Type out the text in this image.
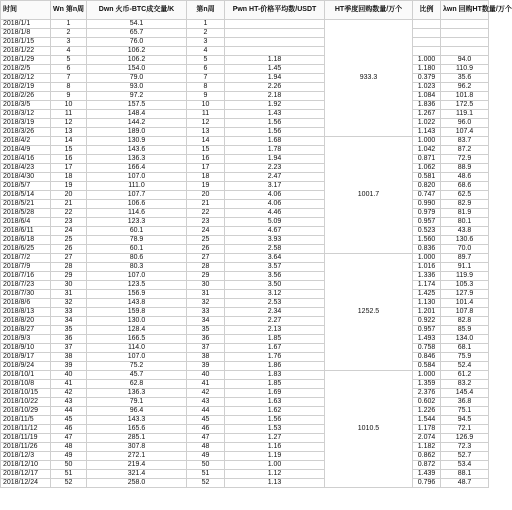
时间	Wn 第n周	Dwn 火币-BTC成交量/K	第n周	Pwn HT-价格平均数/USDT	HT季度回购数量/万个	比例	λwn 回购HT数量/万个
2018/1/1	1	54.1	1		933.3		
2018/1/8	2	65.7	2				
2018/1/15	3	76.0	3				
2018/1/22	4	106.2	4				
2018/1/29	5	106.2	5	1.18		1.000	94.0
2018/2/5	6	154.0	6	1.45		1.180	110.9
2018/2/12	7	79.0	7	1.94		0.379	35.6
2018/2/19	8	93.0	8	2.26		1.023	96.2
2018/2/26	9	97.2	9	2.18		1.084	101.8
2018/3/5	10	157.5	10	1.92		1.836	172.5
2018/3/12	11	148.4	11	1.43		1.267	119.1
2018/3/19	12	144.2	12	1.56		1.022	96.0
2018/3/26	13	189.0	13	1.56		1.143	107.4
2018/4/2	14	130.9	14	1.68	1001.7	1.000	83.7
2018/4/9	15	143.6	15	1.78		1.042	87.2
2018/4/16	16	136.3	16	1.94		0.871	72.9
2018/4/23	17	166.4	17	2.23		1.062	88.9
2018/4/30	18	107.0	18	2.47		0.581	48.6
2018/5/7	19	111.0	19	3.17		0.820	68.6
2018/5/14	20	107.7	20	4.06		0.747	62.5
2018/5/21	21	106.6	21	4.06		0.990	82.9
2018/5/28	22	114.6	22	4.46		0.979	81.9
2018/6/4	23	123.3	23	5.09		0.957	80.1
2018/6/11	24	60.1	24	4.67		0.523	43.8
2018/6/18	25	78.9	25	3.93		1.560	130.6
2018/6/25	26	60.1	26	2.58		0.836	70.0
2018/7/2	27	80.6	27	3.64	1252.5	1.000	89.7
2018/7/9	28	80.3	28	3.57		1.016	91.1
2018/7/16	29	107.0	29	3.56		1.336	119.9
2018/7/23	30	123.5	30	3.50		1.174	105.3
2018/7/30	31	156.9	31	3.12		1.425	127.9
2018/8/6	32	143.8	32	2.53		1.130	101.4
2018/8/13	33	159.8	33	2.34		1.201	107.8
2018/8/20	34	130.0	34	2.27		0.922	82.8
2018/8/27	35	128.4	35	2.13		0.957	85.9
2018/9/3	36	166.5	36	1.85		1.493	134.0
2018/9/10	37	114.0	37	1.67		0.758	68.1
2018/9/17	38	107.0	38	1.76		0.846	75.9
2018/9/24	39	75.2	39	1.86		0.584	52.4
2018/10/1	40	45.7	40	1.83	1010.5	1.000	61.2
2018/10/8	41	62.8	41	1.85		1.359	83.2
2018/10/15	42	136.3	42	1.69		2.376	145.4
2018/10/22	43	79.1	43	1.63		0.602	36.8
2018/10/29	44	96.4	44	1.62		1.226	75.1
2018/11/5	45	143.3	45	1.56		1.544	94.5
2018/11/12	46	165.6	46	1.53		1.178	72.1
2018/11/19	47	285.1	47	1.27		2.074	126.9
2018/11/26	48	307.8	48	1.16		1.182	72.3
2018/12/3	49	272.1	49	1.19		0.862	52.7
2018/12/10	50	219.4	50	1.00		0.872	53.4
2018/12/17	51	321.4	51	1.12		1.439	88.1
2018/12/24	52	258.0	52	1.13		0.796	48.7
